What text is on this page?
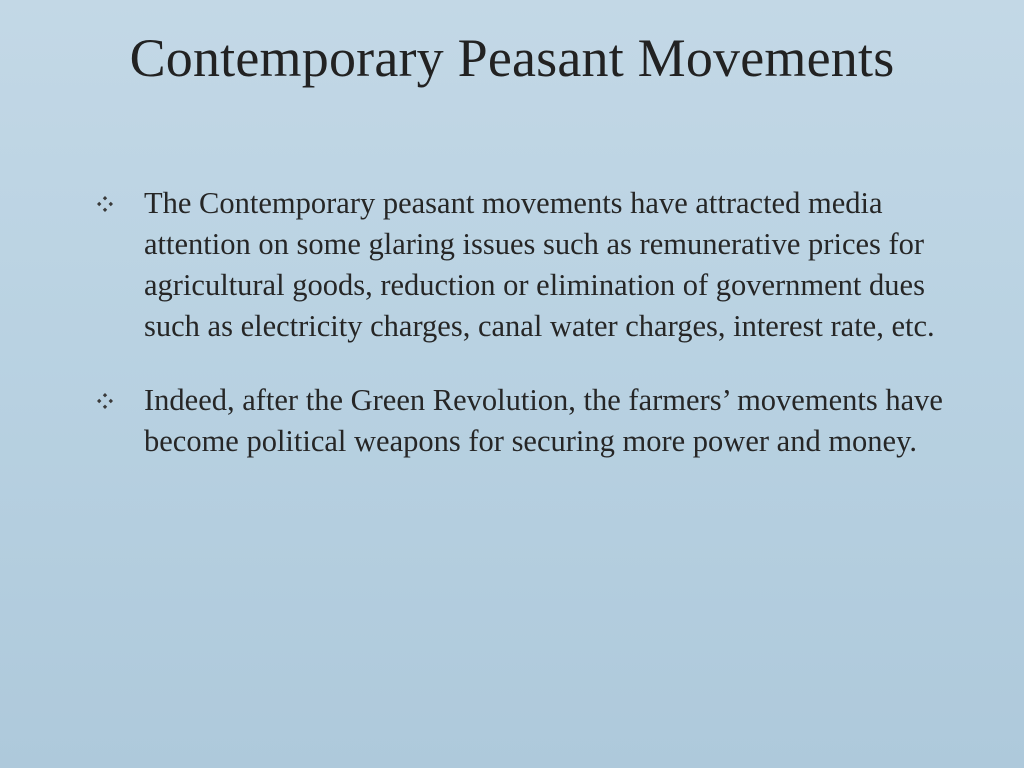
Contemporary Peasant Movements
The Contemporary peasant movements have attracted media attention on some glaring issues such as remunerative prices for agricultural goods, reduction or elimination of government dues such as electricity charges, canal water charges, interest rate, etc.
Indeed, after the Green Revolution, the farmers’ movements have become political weapons for securing more power and money.
